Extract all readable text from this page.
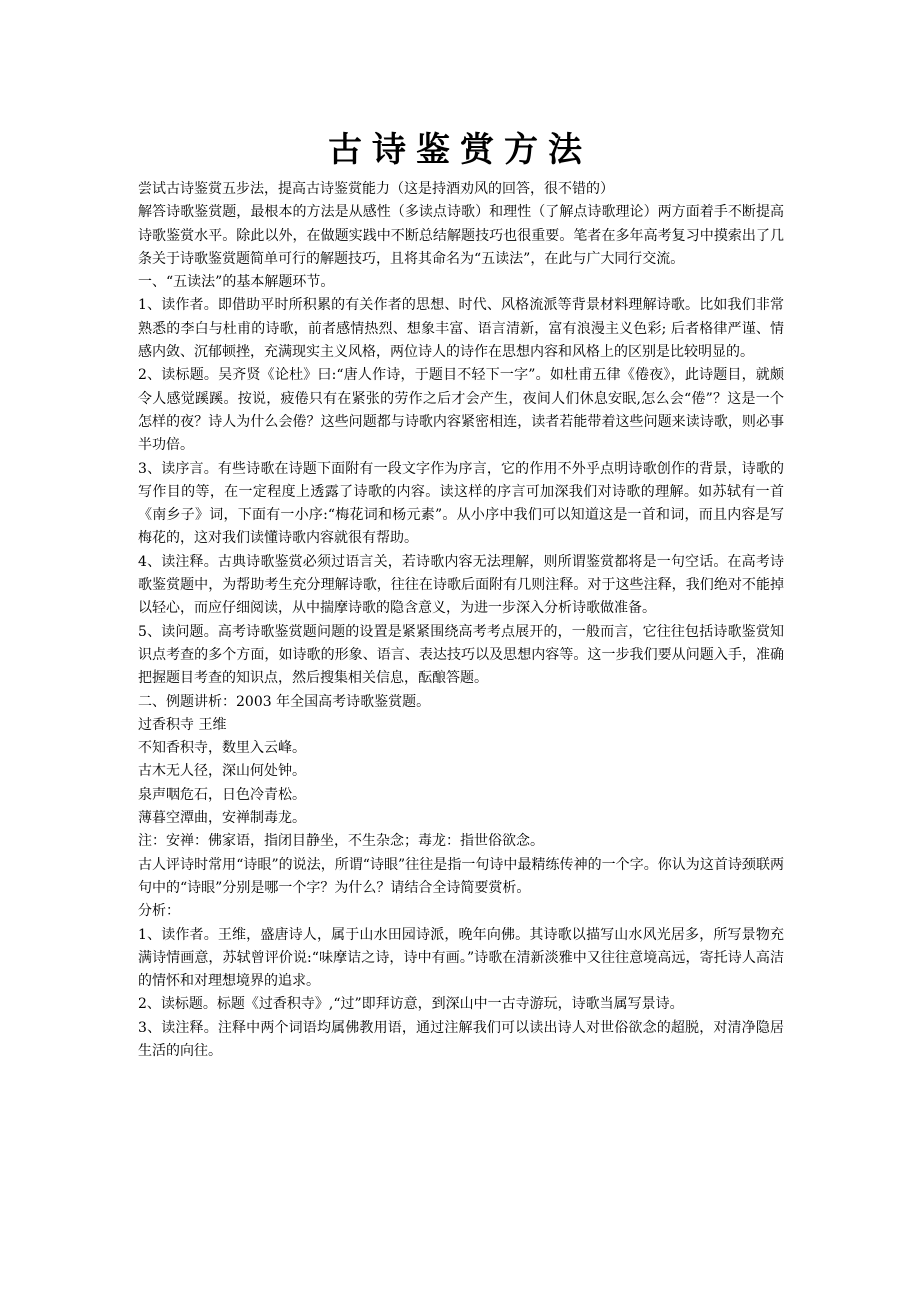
古诗鉴赏方法

尝试古诗鉴赏五步法，提高古诗鉴赏能力（这是持酒劝风的回答，很不错的）

解答诗歌鉴赏题，最根本的方法是从感性（多读点诗歌）和理性（了解点诗歌理论）两方面着手不断提高诗歌鉴赏水平。除此以外，在做题实践中不断总结解题技巧也很重要。笔者在多年高考复习中摸索出了几条关于诗歌鉴赏题简单可行的解题技巧，且将其命名为“五读法”，在此与广大同行交流。

一、“五读法”的基本解题环节。

1、读作者。即借助平时所积累的有关作者的思想、时代、风格流派等背景材料理解诗歌。比如我们非常熟悉的李白与杜甫的诗歌，前者感情热烈、想象丰富、语言清新，富有浪漫主义色彩; 后者格律严谨、情感内敛、沉郁顿挫，充满现实主义风格，两位诗人的诗作在思想内容和风格上的区别是比较明显的。

2、读标题。吴齐贤《论杜》曰:“唐人作诗，于题目不轻下一字”。如杜甫五律《倦夜》，此诗题目，就颇令人感觉蹊蹊。按说，疲倦只有在紧张的劳作之后才会产生，夜间人们休息安眠,怎么会“倦”？这是一个怎样的夜？诗人为什么会倦？这些问题都与诗歌内容紧密相连，读者若能带着这些问题来读诗歌，则必事半功倍。

3、读序言。有些诗歌在诗题下面附有一段文字作为序言，它的作用不外乎点明诗歌创作的背景，诗歌的写作目的等，在一定程度上透露了诗歌的内容。读这样的序言可加深我们对诗歌的理解。如苏轼有一首《南乡子》词，下面有一小序:“梅花词和杨元素”。从小序中我们可以知道这是一首和词，而且内容是写梅花的，这对我们读懂诗歌内容就很有帮助。

4、读注释。古典诗歌鉴赏必须过语言关，若诗歌内容无法理解，则所谓鉴赏都将是一句空话。在高考诗歌鉴赏题中，为帮助考生充分理解诗歌，往往在诗歌后面附有几则注释。对于这些注释，我们绝对不能掉以轻心，而应仔细阅读，从中揣摩诗歌的隐含意义，为进一步深入分析诗歌做准备。

5、读问题。高考诗歌鉴赏题问题的设置是紧紧围绕高考考点展开的，一般而言，它往往包括诗歌鉴赏知识点考查的多个方面，如诗歌的形象、语言、表达技巧以及思想内容等。这一步我们要从问题入手，准确把握题目考查的知识点，然后搜集相关信息，酝酿答题。

二、例题讲析：2003 年全国高考诗歌鉴赏题。

过香积寺 王维

不知香积寺，数里入云峰。

古木无人径，深山何处钟。

泉声咽危石，日色冷青松。

薄暮空潭曲，安禅制毒龙。

注：安禅：佛家语，指闭目静坐，不生杂念；毒龙：指世俗欲念。

古人评诗时常用“诗眼”的说法，所谓“诗眼”往往是指一句诗中最精练传神的一个字。你认为这首诗颈联两句中的“诗眼”分别是哪一个字？为什么？请结合全诗简要赏析。

分析：

1、读作者。王维，盛唐诗人，属于山水田园诗派，晚年向佛。其诗歌以描写山水风光居多，所写景物充满诗情画意，苏轼曾评价说:“味摩诘之诗，诗中有画。”诗歌在清新淡雅中又往往意境高远，寄托诗人高洁的情怀和对理想境界的追求。

2、读标题。标题《过香积寺》,“过”即拜访意，到深山中一古寺游玩，诗歌当属写景诗。

3、读注释。注释中两个词语均属佛教用语，通过注解我们可以读出诗人对世俗欲念的超脱，对清净隐居生活的向往。
